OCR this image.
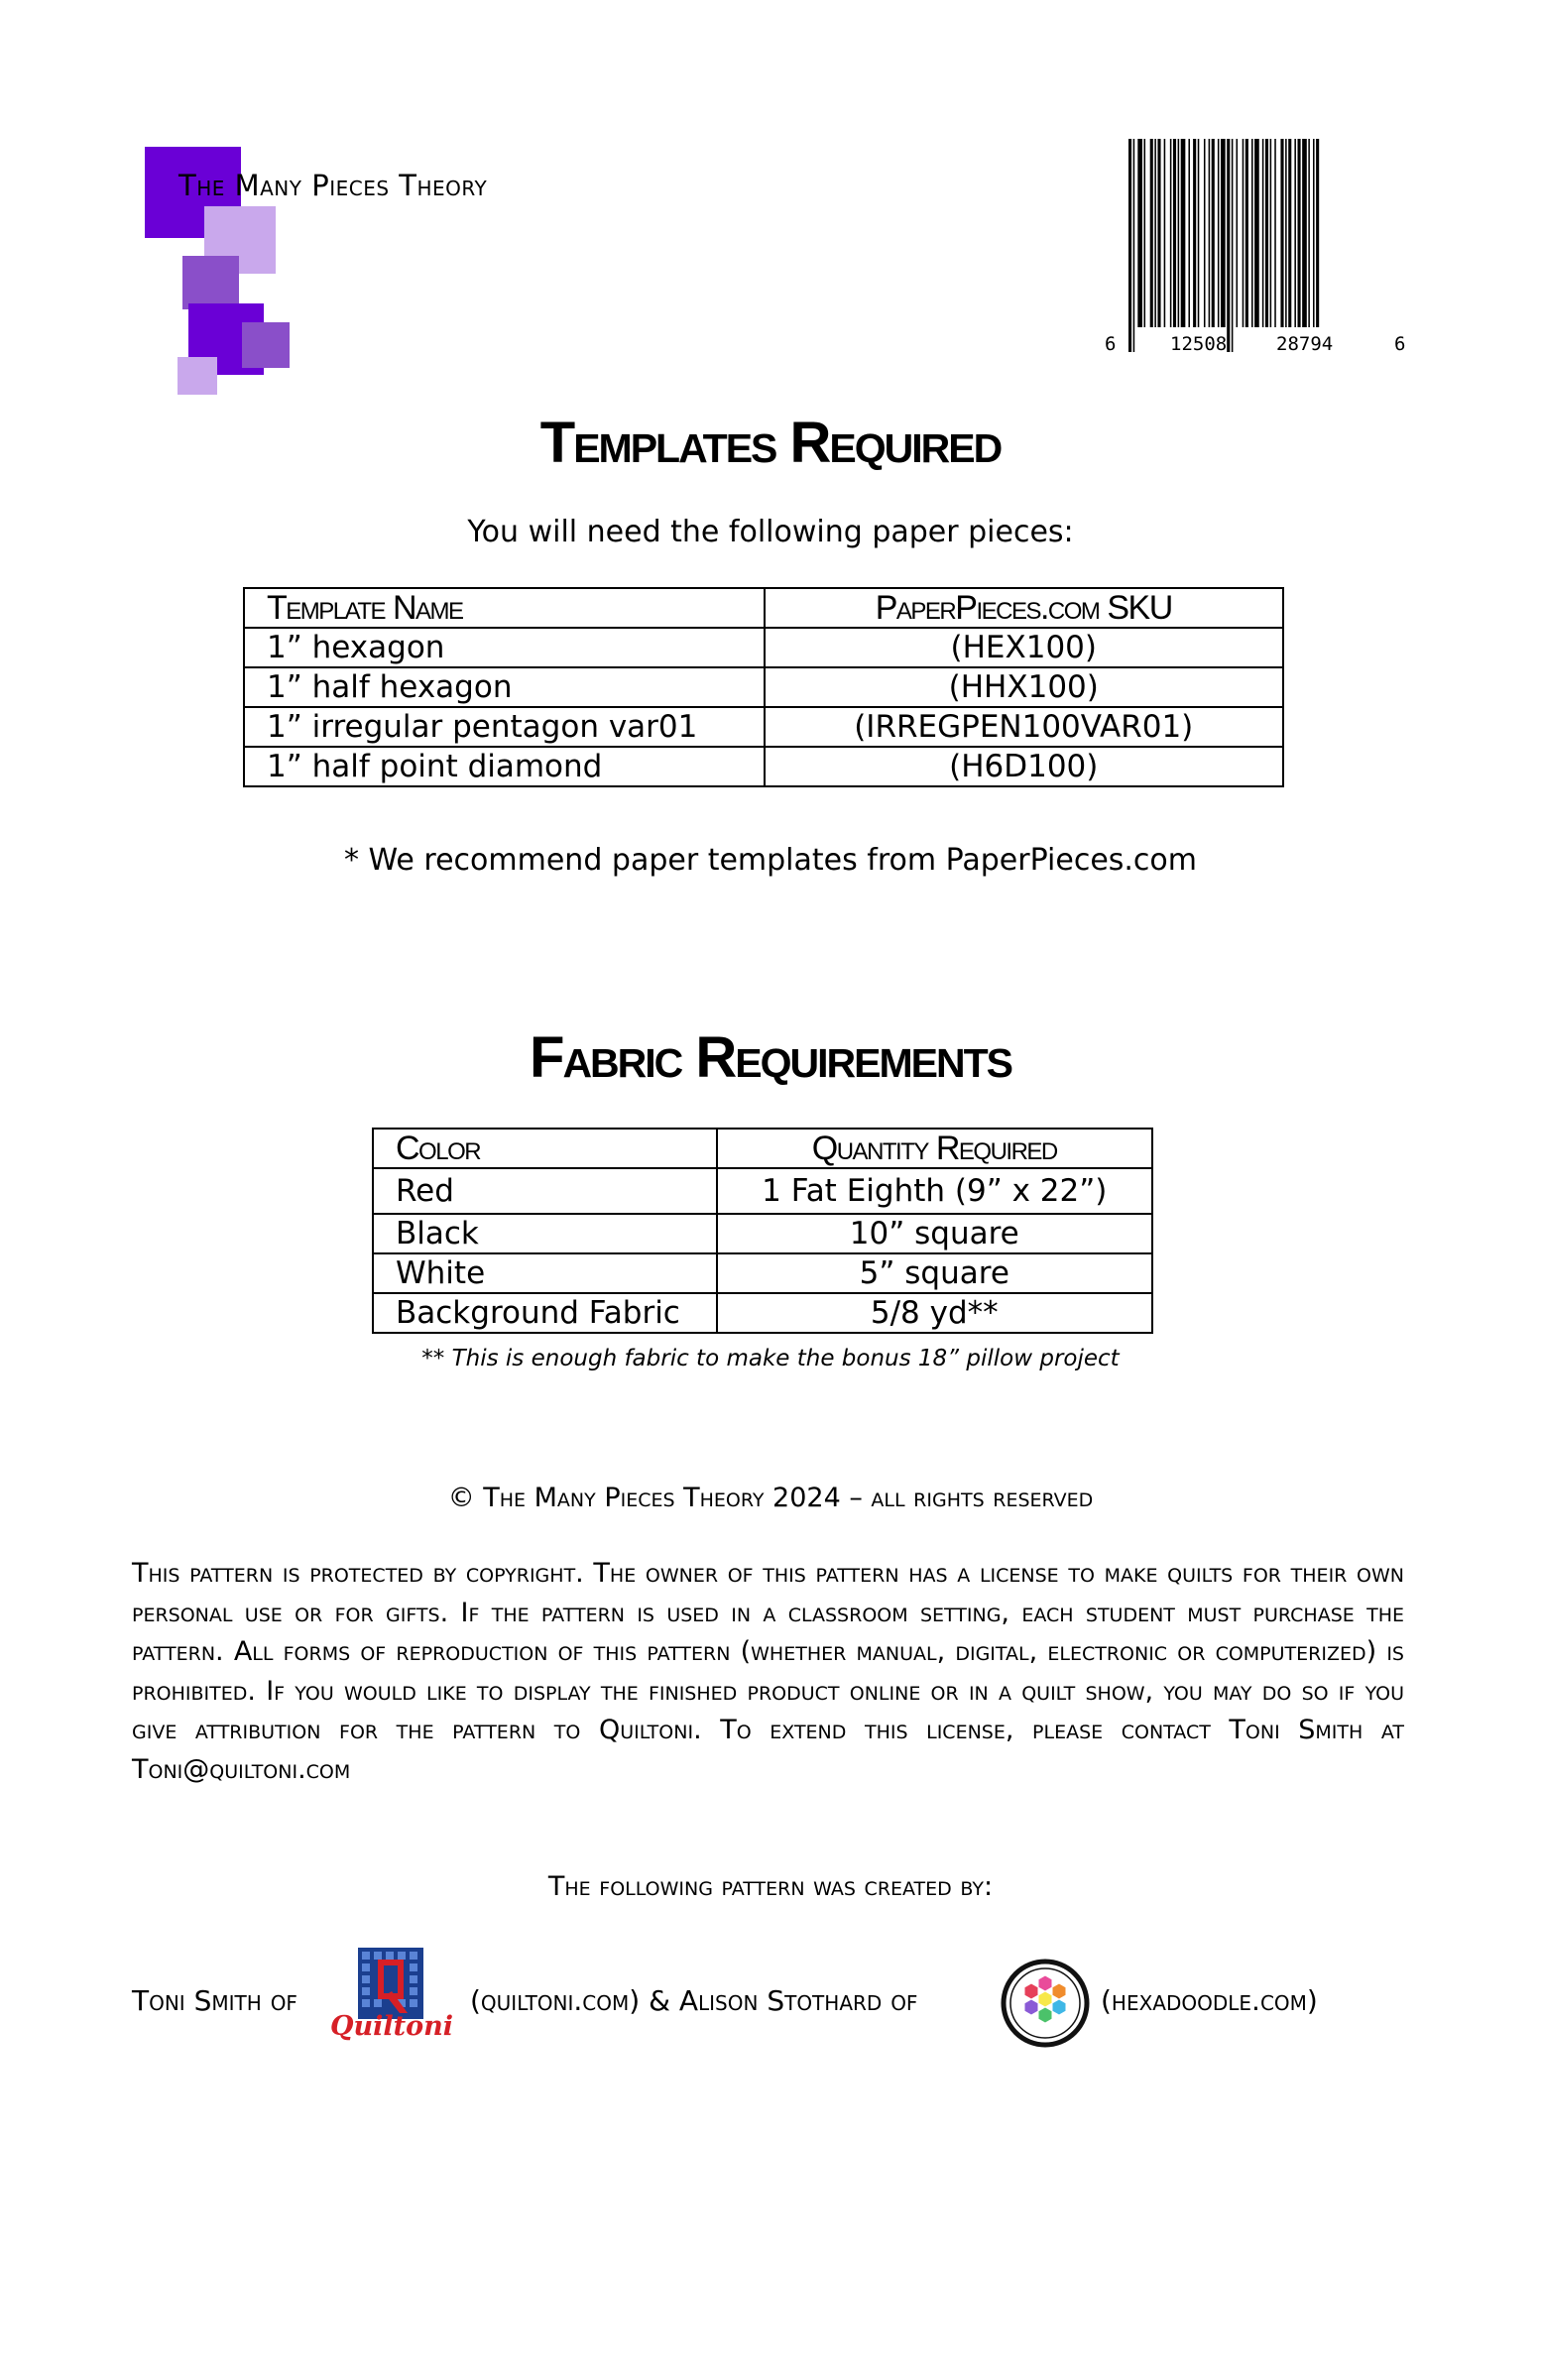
The Many Pieces Theory
6	12508	28794	6
Templates Required
You will need the following paper pieces:
Template Name	PaperPieces.com SKU
1” hexagon	(HEX100)
1” half hexagon	(HHX100)
1” irregular pentagon var01	(IRREGPEN100VAR01)
1” half point diamond	(H6D100)
* We recommend paper templates from PaperPieces.com
Fabric Requirements
Color	Quantity Required
Red	1 Fat Eighth (9” x 22”)
Black	10” square
White	5” square
Background Fabric	5/8 yd**
** This is enough fabric to make the bonus 18” pillow project
© The Many Pieces Theory 2024 – all rights reserved
This pattern is protected by copyright. The owner of this pattern has a license to make quilts for their own personal use or for gifts. If the pattern is used in a classroom setting, each student must purchase the pattern. All forms of reproduction of this pattern (whether manual, digital, electronic or computerized) is prohibited. If you would like to display the finished product online or in a quilt show, you may do so if you give attribution for the pattern to Quiltoni. To extend this license, please contact Toni Smith at Toni@quiltoni.com
The following pattern was created by:
Toni Smith of
Quiltoni
(quiltoni.com) & Alison Stothard of	(hexadoodle.com)
